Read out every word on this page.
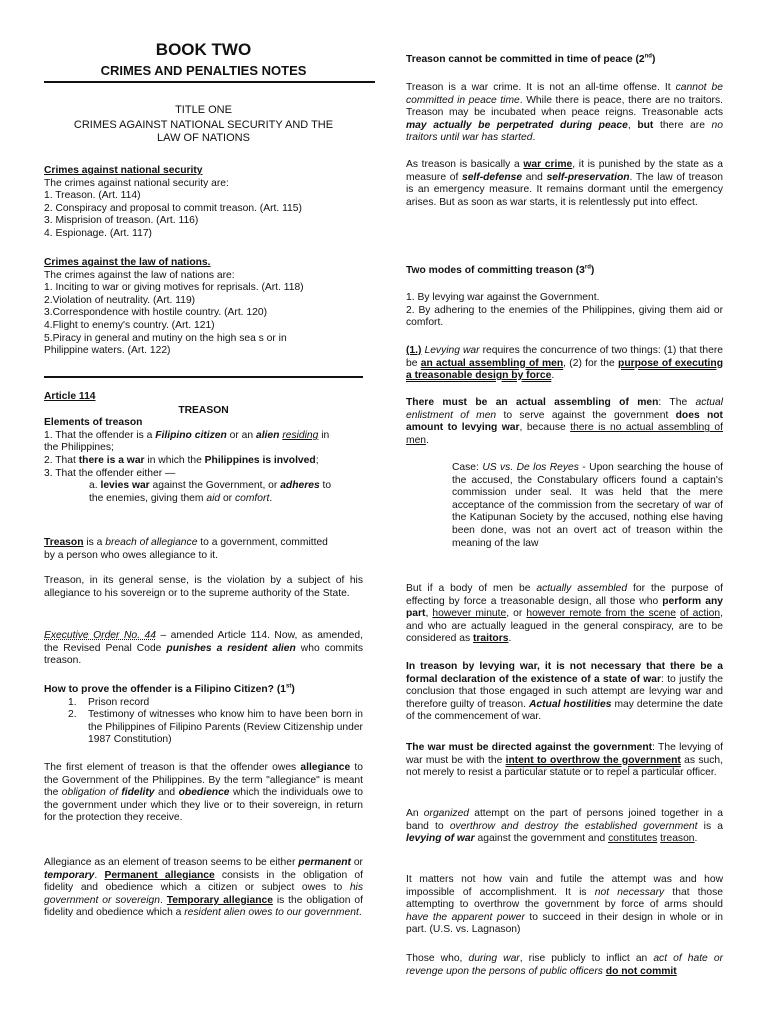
BOOK TWO
CRIMES AND PENALTIES NOTES
TITLE ONE
CRIMES AGAINST NATIONAL SECURITY AND THE
LAW OF NATIONS
Crimes against national security
The crimes against national security are:
1. Treason. (Art. 114)
2. Conspiracy and proposal to commit treason. (Art. 115)
3. Misprision of treason. (Art. 116)
4. Espionage. (Art. 117)
Crimes against the law of nations.
The crimes against the law of nations are:
1. Inciting to war or giving motives for reprisals. (Art. 118)
2.Violation of neutrality. (Art. 119)
3.Correspondence with hostile country. (Art. 120)
4.Flight to enemy's country. (Art. 121)
5.Piracy in general and mutiny on the high sea s or in
Philippine waters. (Art. 122)
Article 114
TREASON
Elements of treason
1. That the offender is a Filipino citizen or an alien residing in
the Philippines;
2. That there is a war in which the Philippines is involved;
3. That the offender either —
a. levies war against the Government, or adheres to
the enemies, giving them aid or comfort.
Treason is a breach of allegiance to a government, committed
by a person who owes allegiance to it.

Treason, in its general sense, is the violation by a subject of his allegiance to his sovereign or to the supreme authority of the State.

Executive Order No. 44 – amended Article 114. Now, as amended, the Revised Penal Code punishes a resident alien who commits treason.

How to prove the offender is a Filipino Citizen? (1st)
1.	Prison record
2.	Testimony of witnesses who know him to have been born in the Philippines of Filipino Parents (Review Citizenship under 1987 Constitution)

The first element of treason is that the offender owes allegiance to the Government of the Philippines. By the term "allegiance" is meant the obligation of fidelity and obedience which the individuals owe to the government under which they live or to their sovereign, in return for the protection they receive.

Allegiance as an element of treason seems to be either permanent or temporary. Permanent allegiance consists in the obligation of fidelity and obedience which a citizen or subject owes to his government or sovereign. Temporary allegiance is the obligation of fidelity and obedience which a resident alien owes to our government.

Treason cannot be committed in time of peace (2nd)

Treason is a war crime. It is not an all-time offense. It cannot be committed in peace time. While there is peace, there are no traitors. Treason may be incubated when peace reigns. Treasonable acts may actually be perpetrated during peace, but there are no traitors until war has started.

As treason is basically a war crime, it is punished by the state as a measure of self-defense and self-preservation. The law of treason is an emergency measure. It remains dormant until the emergency arises. But as soon as war starts, it is relentlessly put into effect.

Two modes of committing treason (3rd)
1. By levying war against the Government.
2. By adhering to the enemies of the Philippines, giving them aid or comfort.

(1.) Levying war requires the concurrence of two things: (1) that there be an actual assembling of men, (2) for the purpose of executing a treasonable design by force.

There must be an actual assembling of men: The actual enlistment of men to serve against the government does not amount to levying war, because there is no actual assembling of men.

Case: US vs. De los Reyes - Upon searching the house of the accused, the Constabulary officers found a captain's commission under seal. It was held that the mere acceptance of the commission from the secretary of war of the Katipunan Society by the accused, nothing else having been done, was not an overt act of treason within the meaning of the law

But if a body of men be actually assembled for the purpose of effecting by force a treasonable design, all those who perform any part, however minute, or however remote from the scene of action, and who are actually leagued in the general conspiracy, are to be considered as traitors.

In treason by levying war, it is not necessary that there be a formal declaration of the existence of a state of war: to justify the conclusion that those engaged in such attempt are levying war and therefore guilty of treason. Actual hostilities may determine the date of the commencement of war.

The war must be directed against the government: The levying of war must be with the intent to overthrow the government as such, not merely to resist a particular statute or to repel a particular officer.

An organized attempt on the part of persons joined together in a band to overthrow and destroy the established government is a levying of war against the government and constitutes treason.

It matters not how vain and futile the attempt was and how impossible of accomplishment. It is not necessary that those attempting to overthrow the government by force of arms should have the apparent power to succeed in their design in whole or in part. (U.S. vs. Lagnason)

Those who, during war, rise publicly to inflict an act of hate or revenge upon the persons of public officers do not commit
